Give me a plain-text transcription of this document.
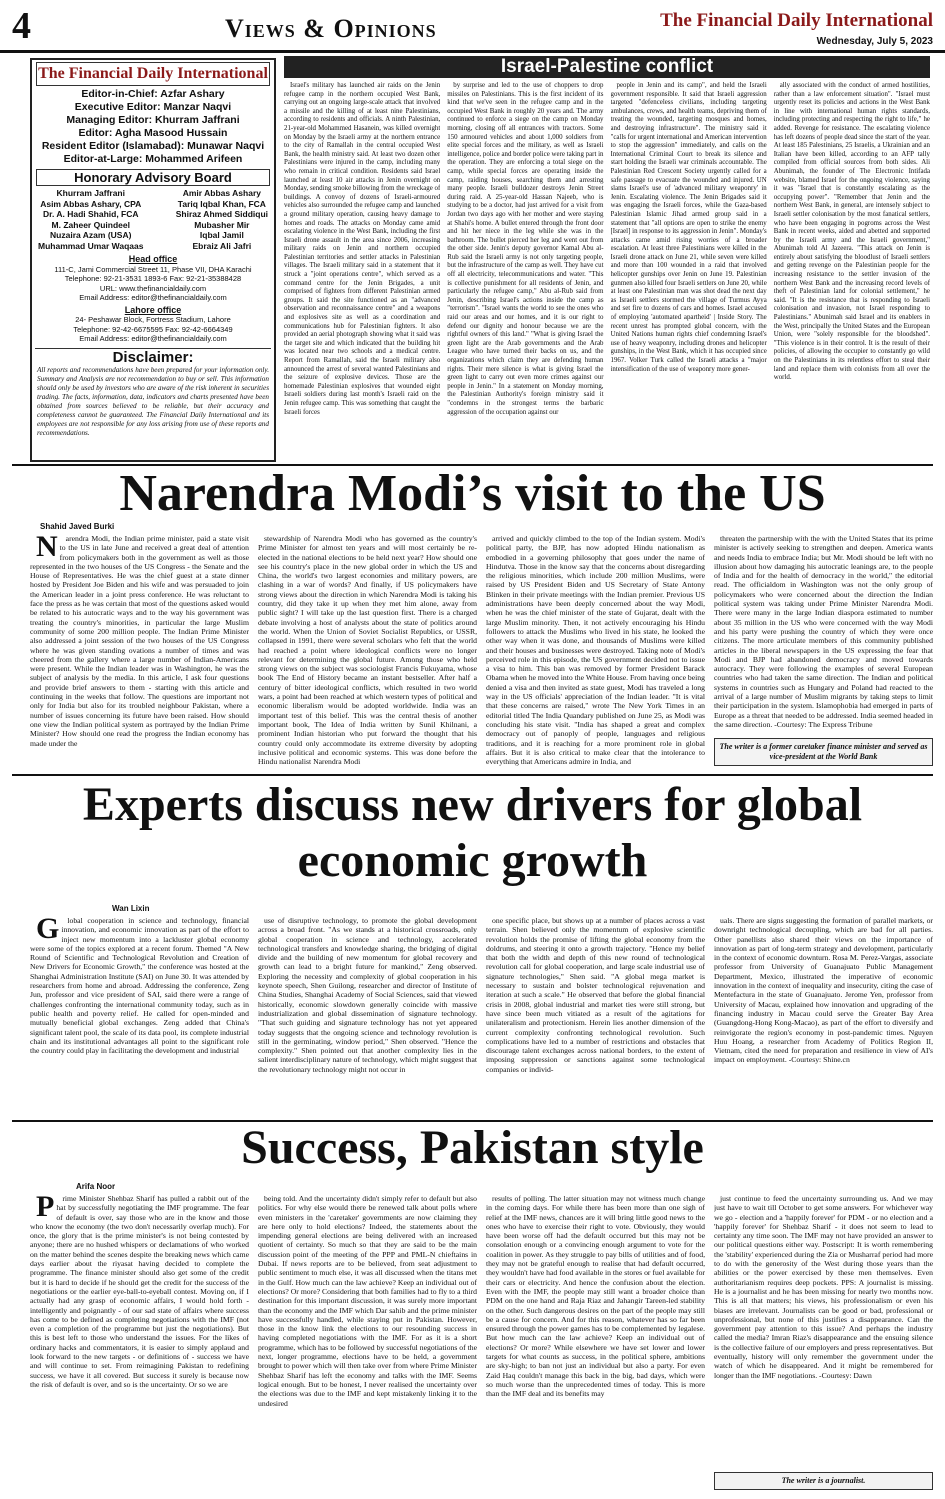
4	Views & Opinions	The Financial Daily International
Wednesday, July 5, 2023
The Financial Daily International
Editor-in-Chief: Azfar Ashary
Executive Editor: Manzar Naqvi
Managing Editor: Khurram Jaffrani
Editor: Agha Masood Hussain
Resident Editor (Islamabad): Munawar Naqvi
Editor-at-Large: Mohammed Arifeen
Honorary Advisory Board
Khurram Jaffrani
Asim Abbas Ashary, CPA
Dr. A. Hadi Shahid, FCA
M. Zaheer Quindeel
Nuzaira Azam (USA)
Muhammad Umar Waqaas
Amir Abbas Ashary
Tariq Iqbal Khan, FCA
Shiraz Ahmed Siddiqui
Mubasher Mir
Iqbal Jamil
Ebraiz Ali Jafri
Head office
111-C, Jami Commercial Street 11, Phase VII, DHA Karachi
Telephone: 92-21-3531 1893-6 Fax: 92-21-35388428
URL: www.thefinancialdaily.com
Email Address: editor@thefinancialdaily.com
Lahore office
24- Peshawar Block, Fortress Stadium, Lahore
Telephone: 92-42-6675595 Fax: 92-42-6664349
Email Address: editor@thefinancialdaily.com
Disclaimer:
All reports and recommendations have been prepared for your information only. Summary and Analysis are not recommendation to buy or sell. This information should only be used by investors who are aware of the risk inherent in securities trading. The facts, information, data, indicators and charts presented have been obtained from sources believed to be reliable, but their accuracy and completeness cannot be guaranteed. The Financial Daily International and its employees are not responsible for any loss arising from use of these reports and recommendations.
Israel-Palestine conflict

Israel's military has launched air raids on the Jenin refugee camp in the northern occupied West Bank, carrying out an ongoing large-scale attack that involved a missile and the killing of at least nine Palestinians, according to residents and officials. A ninth Palestinian, 21-year-old Mohammed Hasanein, was killed overnight on Monday by the Israeli army at the northern entrance to the city of Ramallah in the central occupied West Bank, the health ministry said. At least two dozen other Palestinians were injured in the camp, including many who remain in critical condition. Residents said Israel launched at least 10 air attacks in Jenin overnight on Monday, sending smoke billowing from the wreckage of buildings. A convoy of dozens of Israeli-armoured vehicles also surrounded the refugee camp and launched a ground military operation, causing heavy damage to homes and roads. The attacks on Monday came amid escalating violence in the West Bank, including the first Israeli drone assault in the area since 2006, increasing military raids on Jenin and northern occupied Palestinian territories and settler attacks in Palestinian villages. The Israeli military said in a statement that it struck a "joint operations centre", which served as a command centre for the Jenin Brigades, a unit comprised of fighters from different Palestinian armed groups. It said the site functioned as an "advanced observation and reconnaissance centre" and a weapons and explosives site as well as a coordination and communications hub for Palestinian fighters. It also provided an aerial photograph showing what it said was the target site and which indicated that the building hit was located near two schools and a medical centre. Report from Ramallah, said the Israeli military also announced the arrest of several wanted Palestinians and the seizure of explosive devices. Those are the homemade Palestinian explosives that wounded eight Israeli soldiers during last month's Israeli raid on the Jenin refugee camp. This was something that caught the Israeli forces

by surprise and led to the use of choppers to drop missiles on Palestinians. This is the first incident of its kind that we've seen in the refugee camp and in the occupied West Bank in roughly 20 years and. The army continued to enforce a siege on the camp on Monday morning, closing off all entrances with tractors. Some 150 armoured vehicles and about 1,000 soldiers from elite special forces and the military, as well as Israeli intelligence, police and border police were taking part in the operation. They are enforcing a total siege on the camp, while special forces are operating inside the camp, raiding houses, searching them and arresting many people. Israeli bulldozer destroys Jenin Street during raid. A 25-year-old Hassan Najeeb, who is studying to be a doctor, had just arrived for a visit from Jordan two days ago with her mother and were staying at Shahi's home. A bullet entered through the front door and hit her niece in the leg while she was in the bathroom. The bullet pierced her leg and went out from the other side. Jenin's deputy governor Kamal Abu al-Rub said the Israeli army is not only targeting people, but the infrastructure of the camp as well. They have cut off all electricity, telecommunications and water. "This is collective punishment for all residents of Jenin, and particularly the refugee camp," Abu al-Rub said from Jenin, describing Israel's actions inside the camp as "terrorism". "Israel wants the world to see the ones who raid our areas and our homes, and it is our right to defend our dignity and honour because we are the rightful owners of this land." "What is giving Israel the green light are the Arab governments and the Arab League who have turned their backs on us, and the organizations which claim they are defending human rights. Their mere silence is what is giving Israel the green light to carry out even more crimes against our people in Jenin." In a statement on Monday morning, the Palestinian Authority's foreign ministry said it "condemns in the strongest terms the barbaric aggression of the occupation against our

people in Jenin and its camp", and held the Israeli government responsible. It said that Israeli aggression targeted "defenceless civilians, including targeting ambulances, crews, and health teams, depriving them of treating the wounded, targeting mosques and homes, and destroying infrastructure". The ministry said it "calls for urgent international and American intervention to stop the aggression" immediately, and calls on the International Criminal Court to break its silence and start holding the Israeli war criminals accountable. The Palestinian Red Crescent Society urgently called for a safe passage to evacuate the wounded and injured. UN slams Israel's use of 'advanced military weaponry' in Jenin. Escalating violence. The Jenin Brigades said it was engaging the Israeli forces, while the Gaza-based Palestinian Islamic Jihad armed group said in a statement that "all options are open to strike the enemy [Israel] in response to its aggression in Jenin". Monday's attacks came amid rising worries of a broader escalation. At least three Palestinians were killed in the Israeli drone attack on June 21, while seven were killed and more than 100 wounded in a raid that involved helicopter gunships over Jenin on June 19. Palestinian gunmen also killed four Israeli settlers on June 20, while at least one Palestinian man was shot dead the next day as Israeli settlers stormed the village of Turmus Ayya and set fire to dozens of cars and homes. Israel accused of employing 'automated apartheid' | Inside Story. The recent unrest has prompted global concern, with the United Nations human rights chief condemning Israel's use of heavy weaponry, including drones and helicopter gunships, in the West Bank, which it has occupied since 1967. Volker Turk called the Israeli attacks a "major intensification of the use of weaponry more gener-

ally associated with the conduct of armed hostilities, rather than a law enforcement situation". "Israel must urgently reset its policies and actions in the West Bank in line with international human rights standards, including protecting and respecting the right to life," he added. Revenge for resistance. The escalating violence has left dozens of people dead since the start of the year. At least 185 Palestinians, 25 Israelis, a Ukrainian and an Italian have been killed, according to an AFP tally compiled from official sources from both sides. Ali Abunimah, the founder of The Electronic Intifada website, blamed Israel for the ongoing violence, saying it was "Israel that is constantly escalating as the occupying power". "Remember that Jenin and the northern West Bank, in general, are intensely subject to Israeli settler colonisation by the most fanatical settlers, who have been engaging in pogroms across the West Bank in recent weeks, aided and abetted and supported by the Israeli army and the Israeli government," Abunimah told Al Jazeera. "This attack on Jenin is entirely about satisfying the bloodlust of Israeli settlers and getting revenge on the Palestinian people for the increasing resistance to the settler invasion of the northern West Bank and the increasing record levels of theft of Palestinian land for colonial settlement," he said. "It is the resistance that is responding to Israeli colonisation and invasion, not Israel responding to Palestinians." Abunimah said Israel and its enablers in the West, principally the United States and the European Union, were "solely responsible for the bloodshed". "This violence is in their control. It is the result of their policies, of allowing the occupier to constantly go wild on the Palestinians in its relentless effort to steal their land and replace them with colonists from all over the world.

Narendra Modi’s visit to the US
Shahid Javed Burki

N arendra Modi, the Indian prime minister, paid a state visit to the US in late June and received a great deal of attention from policymakers both in the government as well as those represented in the two houses of the US Congress - the Senate and the House of Representatives. He was the chief guest at a state dinner hosted by President Joe Biden and his wife and was persuaded to join the American leader in a joint press conference. He was reluctant to face the press as he was certain that most of the questions asked would be related to his autocratic ways and to the way his government was treating the country's minorities, in particular the large Muslim community of some 200 million people. The Indian Prime Minister also addressed a joint session of the two houses of the US Congress where he was given standing ovations a number of times and was cheered from the gallery where a large number of Indian-Americans were present. While the Indian leader was in Washington, he was the subject of analysis by the media. In this article, I ask four questions and provide brief answers to them - starting with this article and continuing in the weeks that follow. The questions are important not only for India but also for its troubled neighbour Pakistan, where a number of issues concerning its future have been raised. How should one view the Indian political system as portrayed by the Indian Prime Minister? How should one read the progress the Indian economy has made under the

stewardship of Narendra Modi who has governed as the country's Prime Minister for almost ten years and will most certainly be re-elected in the national elections to be held next year? How should one see his country's place in the new global order in which the US and China, the world's two largest economies and military powers, are clashing in a war of words? And finally, if US policymakers have strong views about the direction in which Narendra Modi is taking his country, did they take it up when they met him alone, away from public sight? I will take up the last question first. There is a charged debate involving a host of analysts about the state of politics around the world. When the Union of Soviet Socialist Republics, or USSR, collapsed in 1991, there were several scholars who felt that the world had reached a point where ideological conflicts were no longer relevant for determining the global future. Among those who held strong views on the subject was sociologist Francis Fukuyama, whose book The End of History became an instant bestseller. After half a century of bitter ideological conflicts, which resulted in two world wars, a point had been reached at which western types of political and economic liberalism would be adopted worldwide. India was an important test of this belief. This was the central thesis of another important book, The Idea of India written by Sunil Khilnani, a prominent Indian historian who put forward the thought that his country could only accommodate its extreme diversity by adopting inclusive political and economic systems. This was done before the Hindu nationalist Narendra Modi

arrived and quickly climbed to the top of the Indian system. Modi's political party, the BJP, has now adopted Hindu nationalism as embodied in a governing philosophy that goes under the name of Hindutva. Those in the know say that the concerns about disregarding the religious minorities, which include 200 million Muslims, were raised by US President Biden and US Secretary of State Antony Blinken in their private meetings with the Indian premier. Previous US administrations have been deeply concerned about the way Modi, when he was the chief minister of the state of Gujarat, dealt with the large Muslim minority. Then, it not actively encouraging his Hindu followers to attack the Muslims who lived in his state, he looked the other way when it was done, and thousands of Muslims were killed and their houses and businesses were destroyed. Taking note of Modi's perceived role in this episode, the US government decided not to issue a visa to him. This ban was removed by former President Barack Obama when he moved into the White House. From having once being denied a visa and then invited as state guest, Modi has traveled a long way in the US officials' appreciation of the Indian leader. "It is vital that these concerns are raised," wrote The New York Times in an editorial titled The India Quandary published on June 25, as Modi was concluding his state visit. "India has shaped a great and complex democracy out of panoply of people, languages and religious traditions, and it is reaching for a more prominent role in global affairs. But it is also critical to make clear that the intolerance to everything that Americans admire in India, and

threaten the partnership with the with the United States that its prime minister is actively seeking to strengthen and deepen. America wants and needs India to embrace India; but Mr. Modi should be left with no illusion about how damaging his autocratic leanings are, to the people of India and for the health of democracy in the world," the editorial read. The officialdom in Washington was not the only group of policymakers who were concerned about the direction the Indian political system was taking under Prime Minister Narendra Modi. There were many in the large Indian diaspora estimated to number about 35 million in the US who were concerned with the way Modi and his party were pushing the country of which they were once citizens. The more articulate members of this community published articles in the liberal newspapers in the US expressing the fear that Modi and BJP had abandoned democracy and moved towards autocracy. They were following the examples of several European countries who had taken the same direction. The Indian and political systems in countries such as Hungary and Poland had reacted to the arrival of a large number of Muslim migrants by taking steps to limit their participation in the system. Islamophobia had emerged in parts of Europe as a threat that needed to be addressed. India seemed headed in the same direction. -Courtesy: The Express Tribune

The writer is a former caretaker finance minister and served as vice-president at the World Bank
Experts discuss new drivers for global
economic growth
Wan Lixin

G lobal cooperation in science and technology, financial innovation, and economic innovation as part of the effort to inject new momentum into a lackluster global economy were some of the topics explored at a recent forum. Themed "A New Round of Scientific and Technological Revolution and Creation of New Drivers for Economic Growth," the conference was hosted at the Shanghai Administration Institute (SAI) on June 30. It was attended by researchers from home and abroad. Addressing the conference, Zeng Jun, professor and vice president of SAI, said there were a range of challenges confronting the international community today, such as in public health and poverty relief. He called for open-minded and mutually beneficial global exchanges. Zeng added that China's significant talent pool, the scale of its data pool, its complete industrial chain and its institutional advantages all point to the significant role the country could play in facilitating the development and industrial

use of disruptive technology, to promote the global development across a broad front. "As we stands at a historical crossroads, only global cooperation in science and technology, accelerated technological transfers and knowledge sharing, the bridging of digital divide and the building of new momentum for global recovery and growth can lead to a bright future for mankind," Zeng observed. Exploring the necessity and complexity of global cooperation in his keynote speech, Shen Guilong, researcher and director of Institute of China Studies, Shanghai Academy of Social Sciences, said that viewed historically, economic slowdown generally coincide with massive industrialization and global dissemination of signature technology. "That such guiding and signature technology has not yet appeared today suggests that the ongoing science and technology revolution is still in the germinating, window period," Shen observed. "Hence the complexity." Shen pointed out that another complexity lies in the salient interdisciplinary nature of technology, which might suggest that the revolutionary technology might not occur in

one specific place, but shows up at a number of places across a vast terrain. Shen believed only the momentum of explosive scientific revolution holds the promise of lifting the global economy from the doldrums, and steering it onto a growth trajectory. "Hence my belief that both the width and depth of this new round of technological revolution call for global cooperation, and large scale industrial use of signature technologies," Shen said. "A global mega market is necessary to sustain and bolster technological rejuvenation and iteration at such a scale." He observed that before the global financial crisis in 2008, global industrial and market ties were still strong, but have since been much vitiated as a result of the agitations for unilateralism and protectionism. Herein lies another dimension of the current complexity confronting technological revolution. Such complications have led to a number of restrictions and obstacles that discourage talent exchanges across national borders, to the extent of imposing suppression or sanctions against some technological companies or individ-

uals. There are signs suggesting the formation of parallel markets, or downright technological decoupling, which are bad for all parties. Other panellists also shared their views on the importance of innovation as part of long-term strategy and development, particularly in the context of economic downturn. Rosa M. Perez-Vargas, associate professor from University of Guanajuato Public Management Department, Mexico, illustrated the imperative of economic innovation in the context of inequality and insecurity, citing the case of Mentefactura in the state of Guanajuato. Jerome Yen, professor from University of Macau, explained how innovation and upgrading of the financing industry in Macau could serve the Greater Bay Area (Guangdong-Hong Kong-Macao), as part of the effort to diversify and reinvigorate the region's economy in post-pandemic times. Nguyen Huu Hoang, a researcher from Academy of Politics Region II, Vietnam, cited the need for preparation and resilience in view of AI's impact on employment. -Courtesy: Shine.cn

Success, Pakistan style
Arifa Noor

P rime Minister Shehbaz Sharif has pulled a rabbit out of the hat by successfully negotiating the IMF programme. The fear of default is over, say those who are in the know and those who know the economy (the two don't necessarily overlap much). For once, the glory that is the prime minister's is not being contested by anyone; there are no hushed whispers or declamations of who worked on the matter behind the scenes despite the breaking news which came days earlier about the riyasat having decided to complete the programme. The finance minister should also get some of the credit but it is hard to decide if he should get the credit for the success of the negotiations or the earlier eye-ball-to-eyeball contest. Moving on, if I actually had any grasp of economic affairs, I would hold forth - intelligently and poignantly - of our sad state of affairs where success has come to be defined as completing negotiations with the IMF (not even a completion of the programme but just the negotiations). But this is best left to those who understand the issues. For the likes of ordinary hacks and commentators, it is easier to simply applaud and look forward to the new targets - or definitions of - success we have and will continue to set. From reimagining Pakistan to redefining success, we have it all covered. But success it surely is because now the risk of default is over, and so is the uncertainty. Or so we are

being told. And the uncertainty didn't simply refer to default but also politics. For why else would there be renewed talk about polls where even ministers in the 'caretaker' governments are now claiming they are here only to hold elections? Indeed, the statements about the impending general elections are being delivered with an increased quotient of certainty. So much so that they are said to be the main discussion point of the meeting of the PPP and PML-N chieftains in Dubai. If news reports are to be believed, from seat adjustment to public sentiment to much else, it was all discussed when the titans met in the Gulf. How much can the law achieve? Keep an individual out of elections? Or more? Considering that both families had to fly to a third destination for this important discussion, it was surely more important than the economy and the IMF which Dar sahib and the prime minister have successfully handled, while staying put in Pakistan. However, those in the know link the elections to our resounding success in having completed negotiations with the IMF. For as it is a short programme, which has to be followed by successful negotiations of the next, longer programme, elections have to be held, a government brought to power which will then take over from where Prime Minister Shehbaz Sharif has left the economy and talks with the IMF. Seems logical enough. But to be honest, I never realised the uncertainty over the elections was due to the IMF and kept mistakenly linking it to the undesired

results of polling. The latter situation may not witness much change in the coming days. For while there has been more than one sigh of relief at the IMF news, chances are it will bring little good news to the ones who have to exercise their right to vote. Obviously, they would have been worse off had the default occurred but this may not be consolation enough or a convincing enough argument to vote for the coalition in power. As they struggle to pay bills of utilities and of food, they may not be grateful enough to realise that had default occurred, they wouldn't have had food available in the stores or fuel available for their cars or electricity. And hence the confusion about the election. Even with the IMF, the people may still want a broader choice than PDM on the one hand and Raja Riaz and Jahangir Tareen-led stability on the other. Such dangerous desires on the part of the people may still be a cause for concern. And for this reason, whatever has so far been ensured through the power games has to be complemented by legalese. But how much can the law achieve? Keep an individual out of elections? Or more? While elsewhere we have set lower and lower targets for what counts as success, in the political sphere, ambitions are sky-high; to ban not just an individual but also a party. For even Zaid Haq couldn't manage this back in the big, bad days, which were so much worse than the unprecedented times of today. This is more than the IMF deal and its benefits may

just continue to feed the uncertainty surrounding us. And we may just have to wait till October to get some answers. For whichever way we go - election and a 'happily forever' for PDM - or no election and a 'happily forever' for Shehbaz Sharif - it does not seem to lead to certainty any time soon. The IMF may not have provided an answer to our political questions either way. Postscript: It is worth remembering the 'stability' experienced during the Zia or Musharraf period had more to do with the generosity of the West during those years than the abilities or the power exercised by these men themselves. Even authoritarianism requires deep pockets. PPS: A journalist is missing. He is a journalist and he has been missing for nearly two months now. This is all that matters; his views, his professionalism or even his biases are irrelevant. Journalists can be good or bad, professional or unprofessional, but none of this justifies a disappearance. Can the government pay attention to this issue? And perhaps the industry called the media? Imran Riaz's disappearance and the ensuing silence is the collective failure of our employers and press representatives. But eventually, history will only remember the government under the watch of which he disappeared. And it might be remembered for longer than the IMF negotiations. -Courtesy: Dawn

The writer is a journalist.
